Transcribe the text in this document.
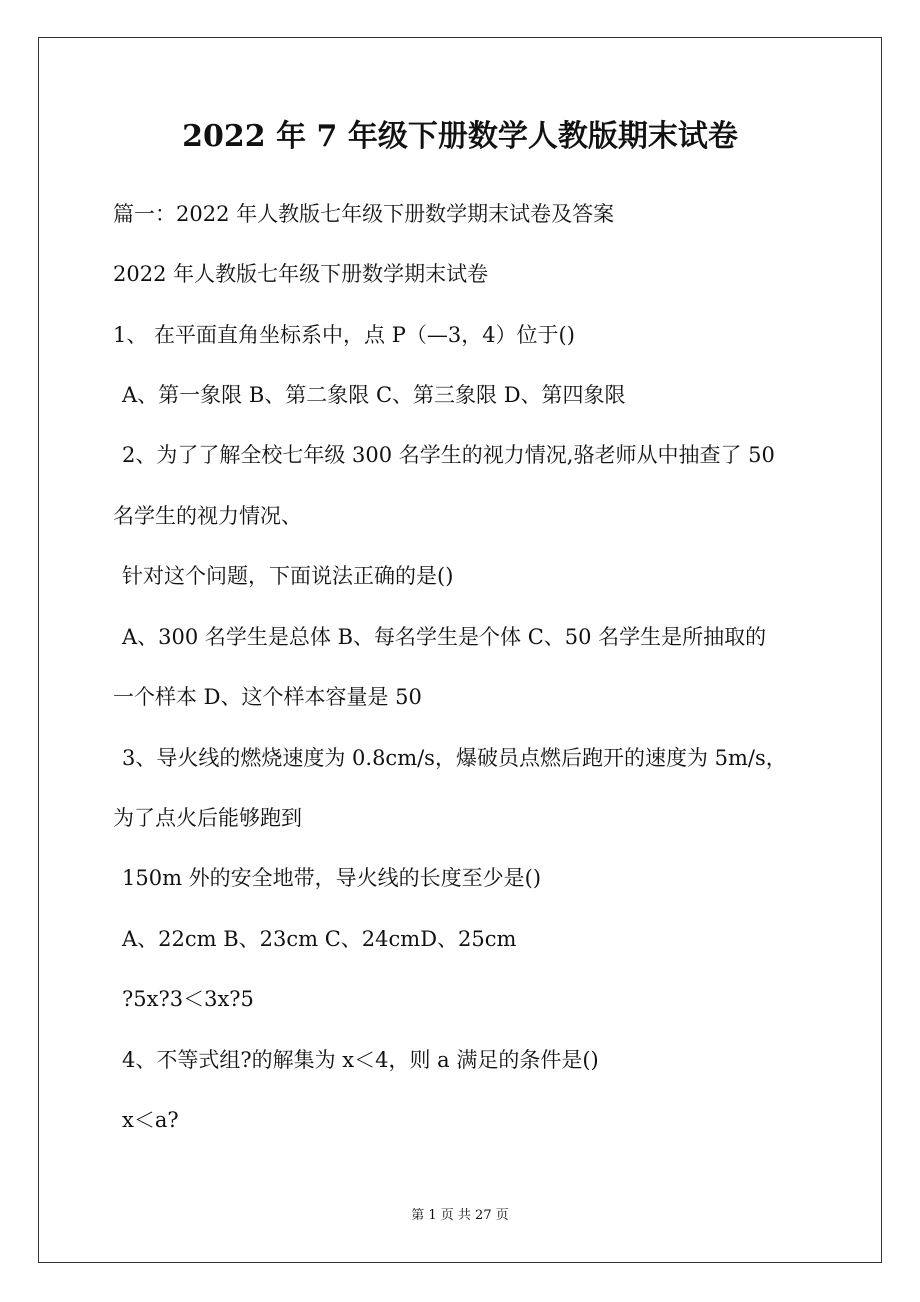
2022 年 7 年级下册数学人教版期末试卷
篇一：2022 年人教版七年级下册数学期末试卷及答案
2022 年人教版七年级下册数学期末试卷
1、 在平面直角坐标系中，点 P（—3，4）位于()
A、第一象限 B、第二象限 C、第三象限 D、第四象限
2、为了了解全校七年级 300 名学生的视力情况,骆老师从中抽查了 50
名学生的视力情况、
针对这个问题，下面说法正确的是()
A、300 名学生是总体 B、每名学生是个体 C、50 名学生是所抽取的
一个样本 D、这个样本容量是 50
3、导火线的燃烧速度为 0.8cm/s，爆破员点燃后跑开的速度为 5m/s，
为了点火后能够跑到
150m 外的安全地带，导火线的长度至少是()
A、22cm B、23cm C、24cmD、25cm
?5x?3＜3x?5
4、不等式组?的解集为 x＜4，则 a 满足的条件是()
x＜a?
第 1 页 共 27 页
